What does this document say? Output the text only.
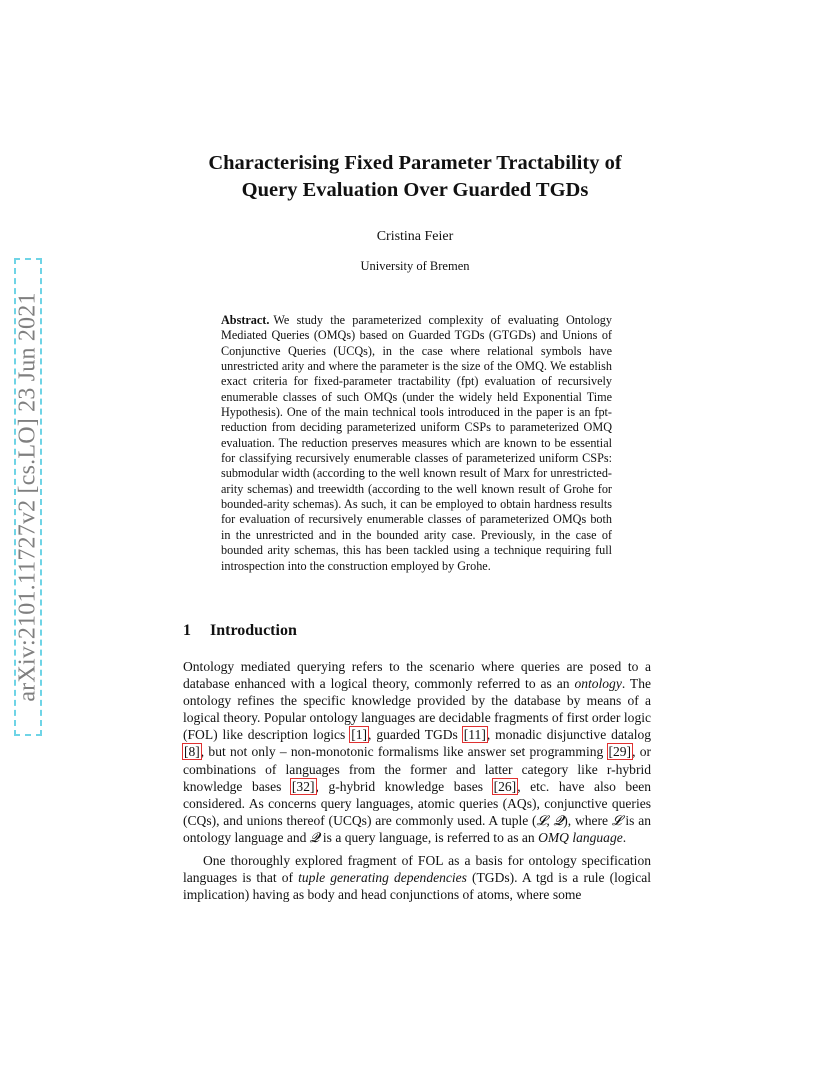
arXiv:2101.11727v2 [cs.LO] 23 Jun 2021
Characterising Fixed Parameter Tractability of
Query Evaluation Over Guarded TGDs

Cristina Feier

University of Bremen

Abstract. We study the parameterized complexity of evaluating Ontology Mediated Queries (OMQs) based on Guarded TGDs (GTGDs) and Unions of Conjunctive Queries (UCQs), in the case where relational symbols have unrestricted arity and where the parameter is the size of the OMQ. We establish exact criteria for fixed-parameter tractability (fpt) evaluation of recursively enumerable classes of such OMQs (under the widely held Exponential Time Hypothesis). One of the main technical tools introduced in the paper is an fpt-reduction from deciding parameterized uniform CSPs to parameterized OMQ evaluation. The reduction preserves measures which are known to be essential for classifying recursively enumerable classes of parameterized uniform CSPs: submodular width (according to the well known result of Marx for unrestricted-arity schemas) and treewidth (according to the well known result of Grohe for bounded-arity schemas). As such, it can be employed to obtain hardness results for evaluation of recursively enumerable classes of parameterized OMQs both in the unrestricted and in the bounded arity case. Previously, in the case of bounded arity schemas, this has been tackled using a technique requiring full introspection into the construction employed by Grohe.

1 Introduction

Ontology mediated querying refers to the scenario where queries are posed to a database enhanced with a logical theory, commonly referred to as an ontology. The ontology refines the specific knowledge provided by the database by means of a logical theory. Popular ontology languages are decidable fragments of first order logic (FOL) like description logics [1], guarded TGDs [11], monadic disjunctive datalog [8], but not only – non-monotonic formalisms like answer set programming [29], or combinations of languages from the former and latter category like r-hybrid knowledge bases [32], g-hybrid knowledge bases [26], etc. have also been considered. As concerns query languages, atomic queries (AQs), conjunctive queries (CQs), and unions thereof (UCQs) are commonly used. A tuple (𝓛, 𝓠), where 𝓛 is an ontology language and 𝓠 is a query language, is referred to as an OMQ language.

One thoroughly explored fragment of FOL as a basis for ontology specification languages is that of tuple generating dependencies (TGDs). A tgd is a rule (logical implication) having as body and head conjunctions of atoms, where some
